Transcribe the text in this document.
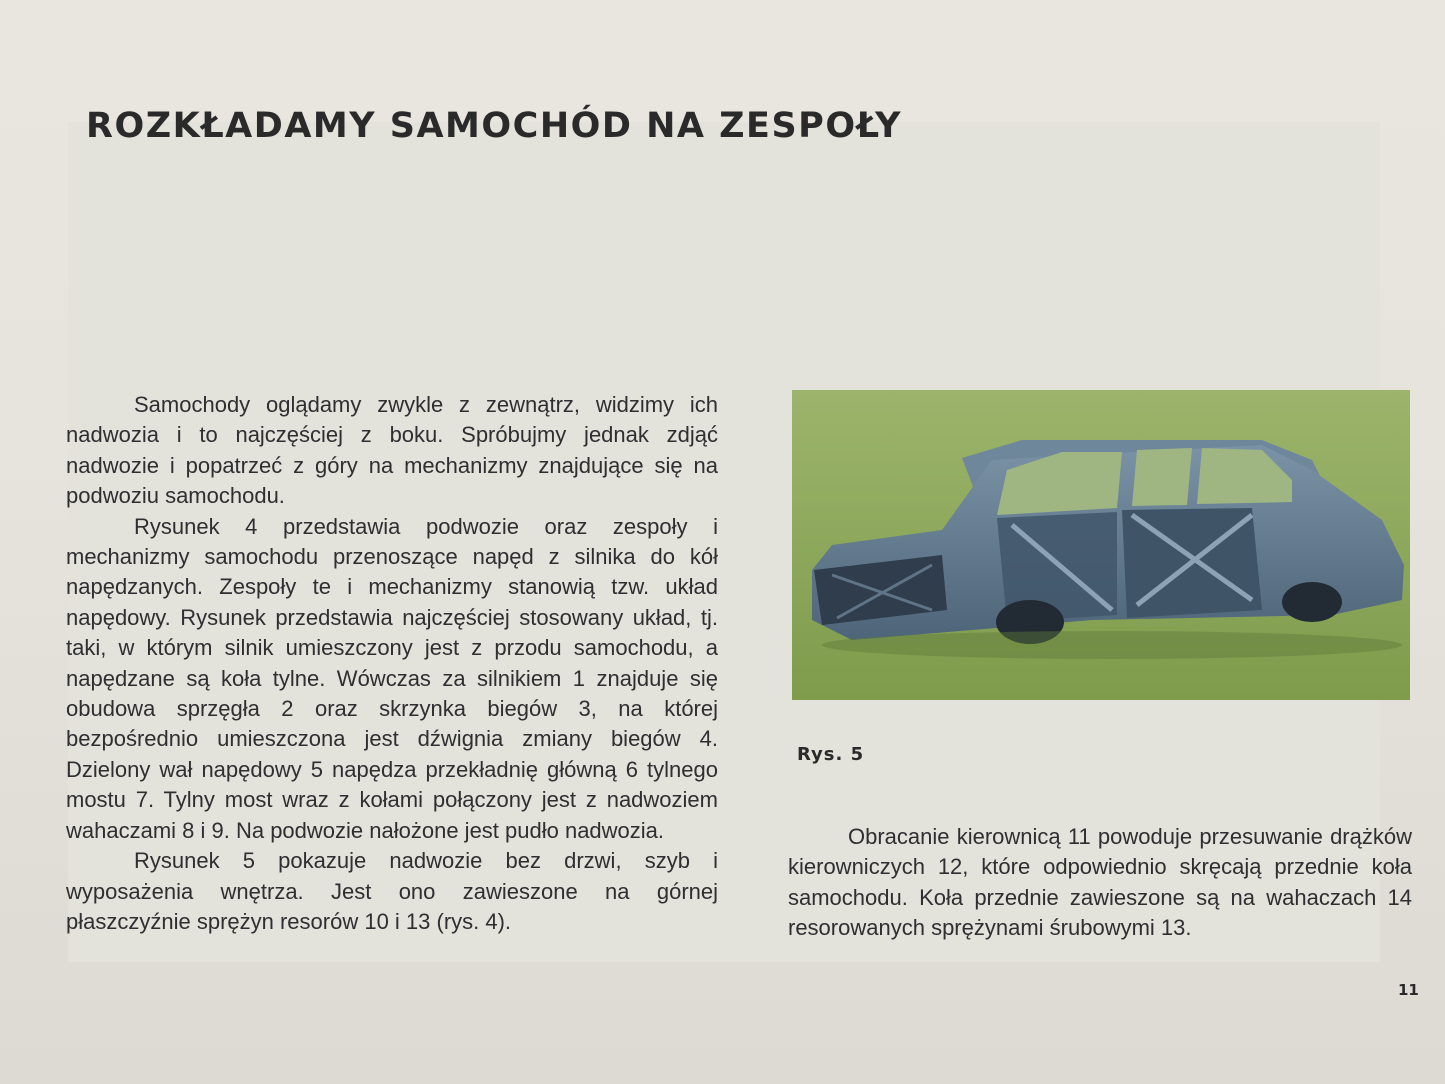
ROZKŁADAMY SAMOCHÓD NA ZESPOŁY

Samochody oglądamy zwykle z zewnątrz, widzimy ich nadwozia i to najczęściej z boku. Spróbujmy jednak zdjąć nadwozie i popatrzeć z góry na mechanizmy znajdujące się na podwoziu samochodu.

Rysunek 4 przedstawia podwozie oraz zespoły i mechanizmy samochodu przenoszące napęd z silnika do kół napędzanych. Zespoły te i mechanizmy stanowią tzw. układ napędowy. Rysunek przedstawia najczęściej stosowany układ, tj. taki, w którym silnik umieszczony jest z przodu samochodu, a napędzane są koła tylne. Wówczas za silnikiem 1 znajduje się obudowa sprzęgła 2 oraz skrzynka biegów 3, na której bezpośrednio umieszczona jest dźwignia zmiany biegów 4. Dzielony wał napędowy 5 napędza przekładnię główną 6 tylnego mostu 7. Tylny most wraz z kołami połączony jest z nadwoziem wahaczami 8 i 9. Na podwozie nałożone jest pudło nadwozia.

Rysunek 5 pokazuje nadwozie bez drzwi, szyb i wyposażenia wnętrza. Jest ono zawieszone na górnej płaszczyźnie sprężyn resorów 10 i 13 (rys. 4).

Rys. 5

Obracanie kierownicą 11 powoduje przesuwanie drążków kierowniczych 12, które odpowiednio skręcają przednie koła samochodu. Koła przednie zawieszone są na wahaczach 14 resorowanych sprężynami śrubowymi 13.

11
